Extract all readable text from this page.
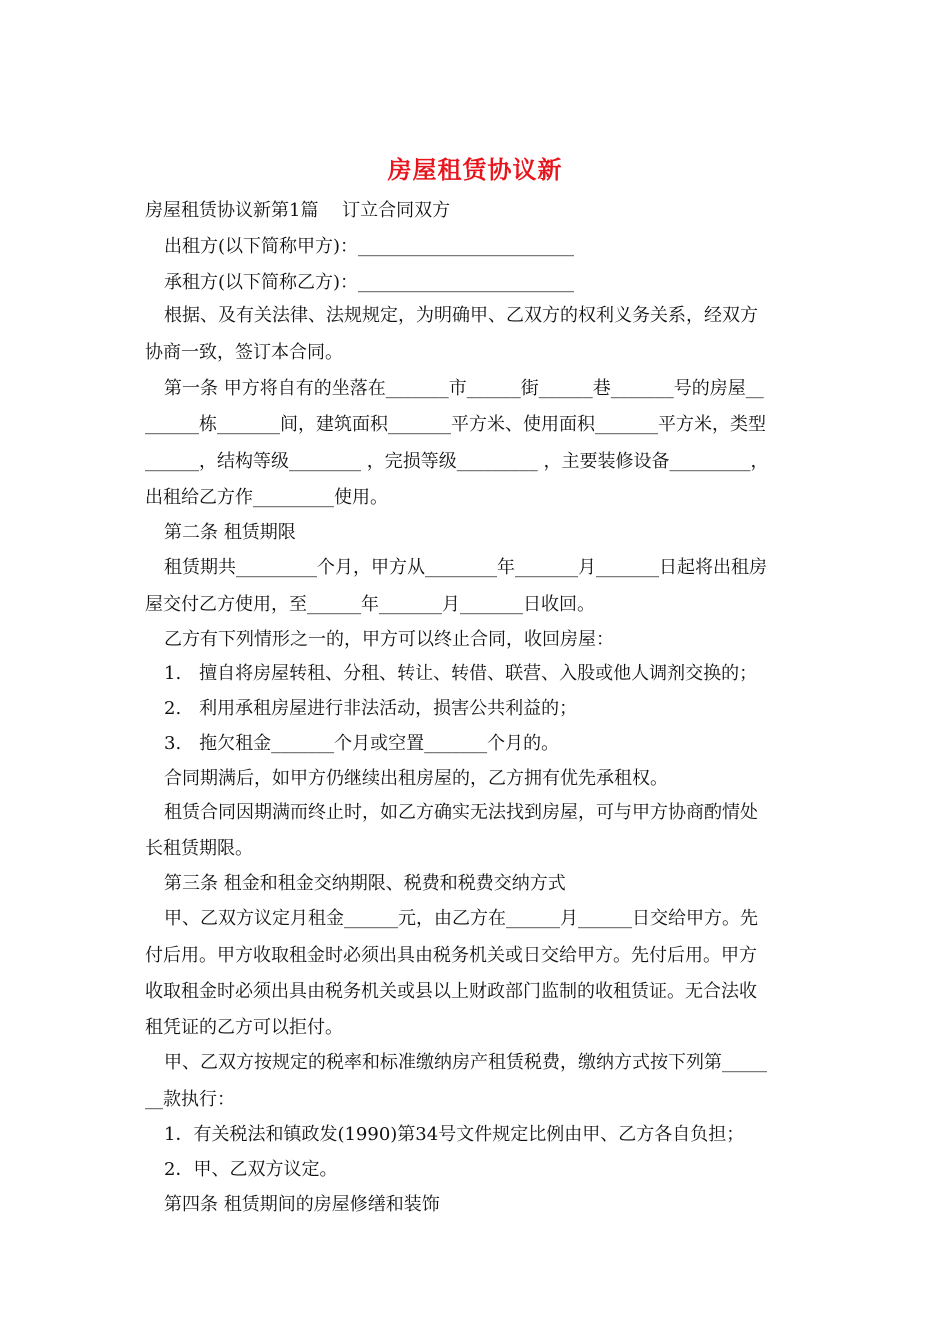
房屋租赁协议新
房屋租赁协议新第1篇　 订立合同双方
出租方(以下简称甲方)：________________________
承租方(以下简称乙方)：________________________
根据、及有关法律、法规规定，为明确甲、乙双方的权利义务关系，经双方
协商一致，签订本合同。
第一条 甲方将自有的坐落在_______市______街______巷_______号的房屋__
______栋_______间，建筑面积_______平方米、使用面积_______平方米，类型
______，结构等级________ ，完损等级_________ ，主要装修设备_________，
出租给乙方作_________使用。
第二条 租赁期限
租赁期共_________个月，甲方从________年_______月_______日起将出租房
屋交付乙方使用，至______年_______月_______日收回。
乙方有下列情形之一的，甲方可以终止合同，收回房屋：
1.　擅自将房屋转租、分租、转让、转借、联营、入股或他人调剂交换的；
2.　利用承租房屋进行非法活动，损害公共利益的；
3.　拖欠租金_______个月或空置_______个月的。
合同期满后，如甲方仍继续出租房屋的，乙方拥有优先承租权。
租赁合同因期满而终止时，如乙方确实无法找到房屋，可与甲方协商酌情处
长租赁期限。
第三条 租金和租金交纳期限、税费和税费交纳方式
甲、乙双方议定月租金______元，由乙方在______月______日交给甲方。先
付后用。甲方收取租金时必须出具由税务机关或日交给甲方。先付后用。甲方
收取租金时必须出具由税务机关或县以上财政部门监制的收租赁证。无合法收
租凭证的乙方可以拒付。
甲、乙双方按规定的税率和标准缴纳房产租赁税费，缴纳方式按下列第_____
__款执行：
1．有关税法和镇政发(1990)第34号文件规定比例由甲、乙方各自负担；
2．甲、乙双方议定。
第四条 租赁期间的房屋修缮和装饰
